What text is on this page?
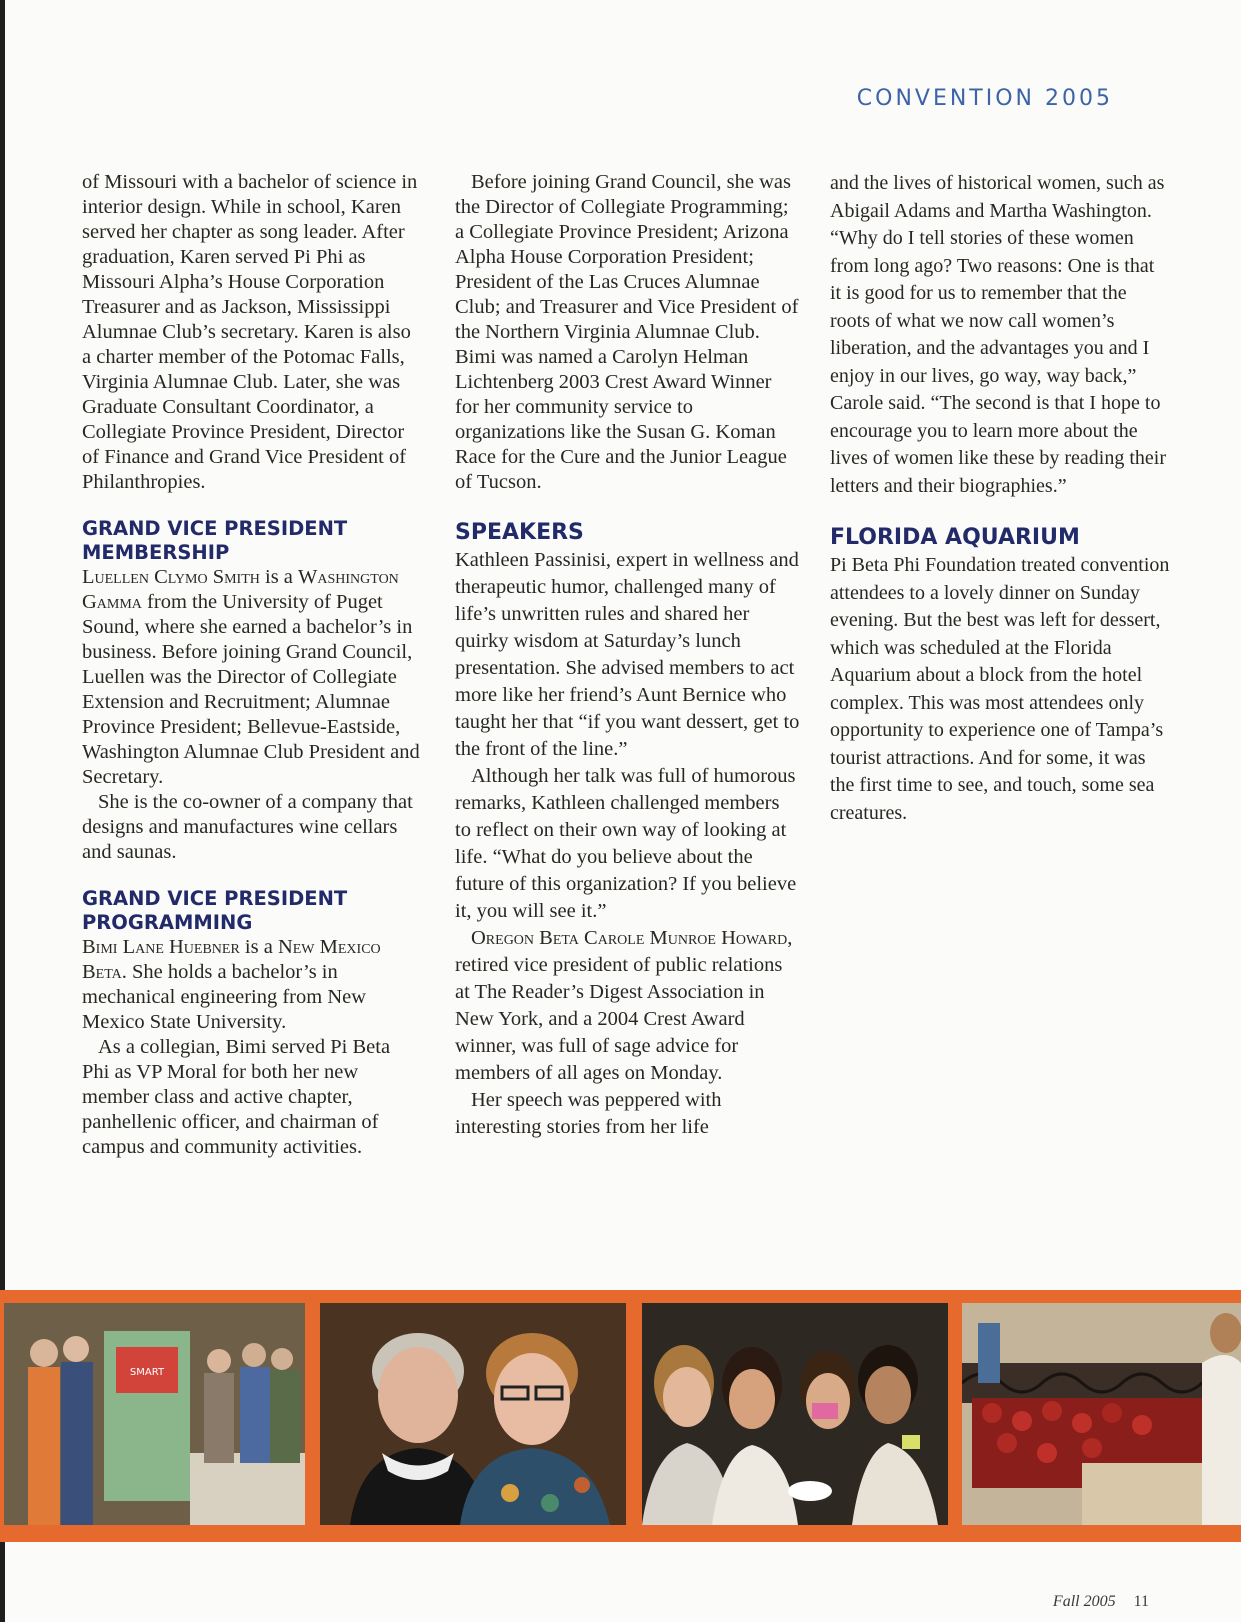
CONVENTION 2005

of Missouri with a bachelor of science in interior design. While in school, Karen served her chapter as song leader. After graduation, Karen served Pi Phi as Missouri Alpha’s House Corporation Treasurer and as Jackson, Mississippi Alumnae Club’s secretary. Karen is also a charter member of the Potomac Falls, Virginia Alumnae Club. Later, she was Graduate Consultant Coordinator, a Collegiate Province President, Director of Finance and Grand Vice President of Philanthropies.

GRAND VICE PRESIDENT MEMBERSHIP

Luellen Clymo Smith is a Washington Gamma from the University of Puget Sound, where she earned a bachelor’s in business. Before joining Grand Council, Luellen was the Director of Collegiate Extension and Recruitment; Alumnae Province President; Bellevue-Eastside, Washington Alumnae Club President and Secretary.

She is the co-owner of a company that designs and manufactures wine cellars and saunas.

GRAND VICE PRESIDENT PROGRAMMING

Bimi Lane Huebner is a New Mexico Beta. She holds a bachelor’s in mechanical engineering from New Mexico State University.

As a collegian, Bimi served Pi Beta Phi as VP Moral for both her new member class and active chapter, panhellenic officer, and chairman of campus and community activities.

Before joining Grand Council, she was the Director of Collegiate Programming; a Collegiate Province President; Arizona Alpha House Corporation President; President of the Las Cruces Alumnae Club; and Treasurer and Vice President of the Northern Virginia Alumnae Club. Bimi was named a Carolyn Helman Lichtenberg 2003 Crest Award Winner for her community service to organizations like the Susan G. Koman Race for the Cure and the Junior League of Tucson.

SPEAKERS

Kathleen Passinisi, expert in wellness and therapeutic humor, challenged many of life’s unwritten rules and shared her quirky wisdom at Saturday’s lunch presentation. She advised members to act more like her friend’s Aunt Bernice who taught her that “if you want dessert, get to the front of the line.”

Although her talk was full of humorous remarks, Kathleen challenged members to reflect on their own way of looking at life. “What do you believe about the future of this organization? If you believe it, you will see it.”

Oregon Beta Carole Munroe Howard, retired vice president of public relations at The Reader’s Digest Association in New York, and a 2004 Crest Award winner, was full of sage advice for members of all ages on Monday.

Her speech was peppered with interesting stories from her life

and the lives of historical women, such as Abigail Adams and Martha Washington. “Why do I tell stories of these women from long ago? Two reasons: One is that it is good for us to remember that the roots of what we now call women’s liberation, and the advantages you and I enjoy in our lives, go way, way back,” Carole said. “The second is that I hope to encourage you to learn more about the lives of women like these by reading their letters and their biographies.”

FLORIDA AQUARIUM

Pi Beta Phi Foundation treated convention attendees to a lovely dinner on Sunday evening. But the best was left for dessert, which was scheduled at the Florida Aquarium about a block from the hotel complex. This was most attendees only opportunity to experience one of Tampa’s tourist attractions. And for some, it was the first time to see, and touch, some sea creatures.

SMART
Fall 2005 11
